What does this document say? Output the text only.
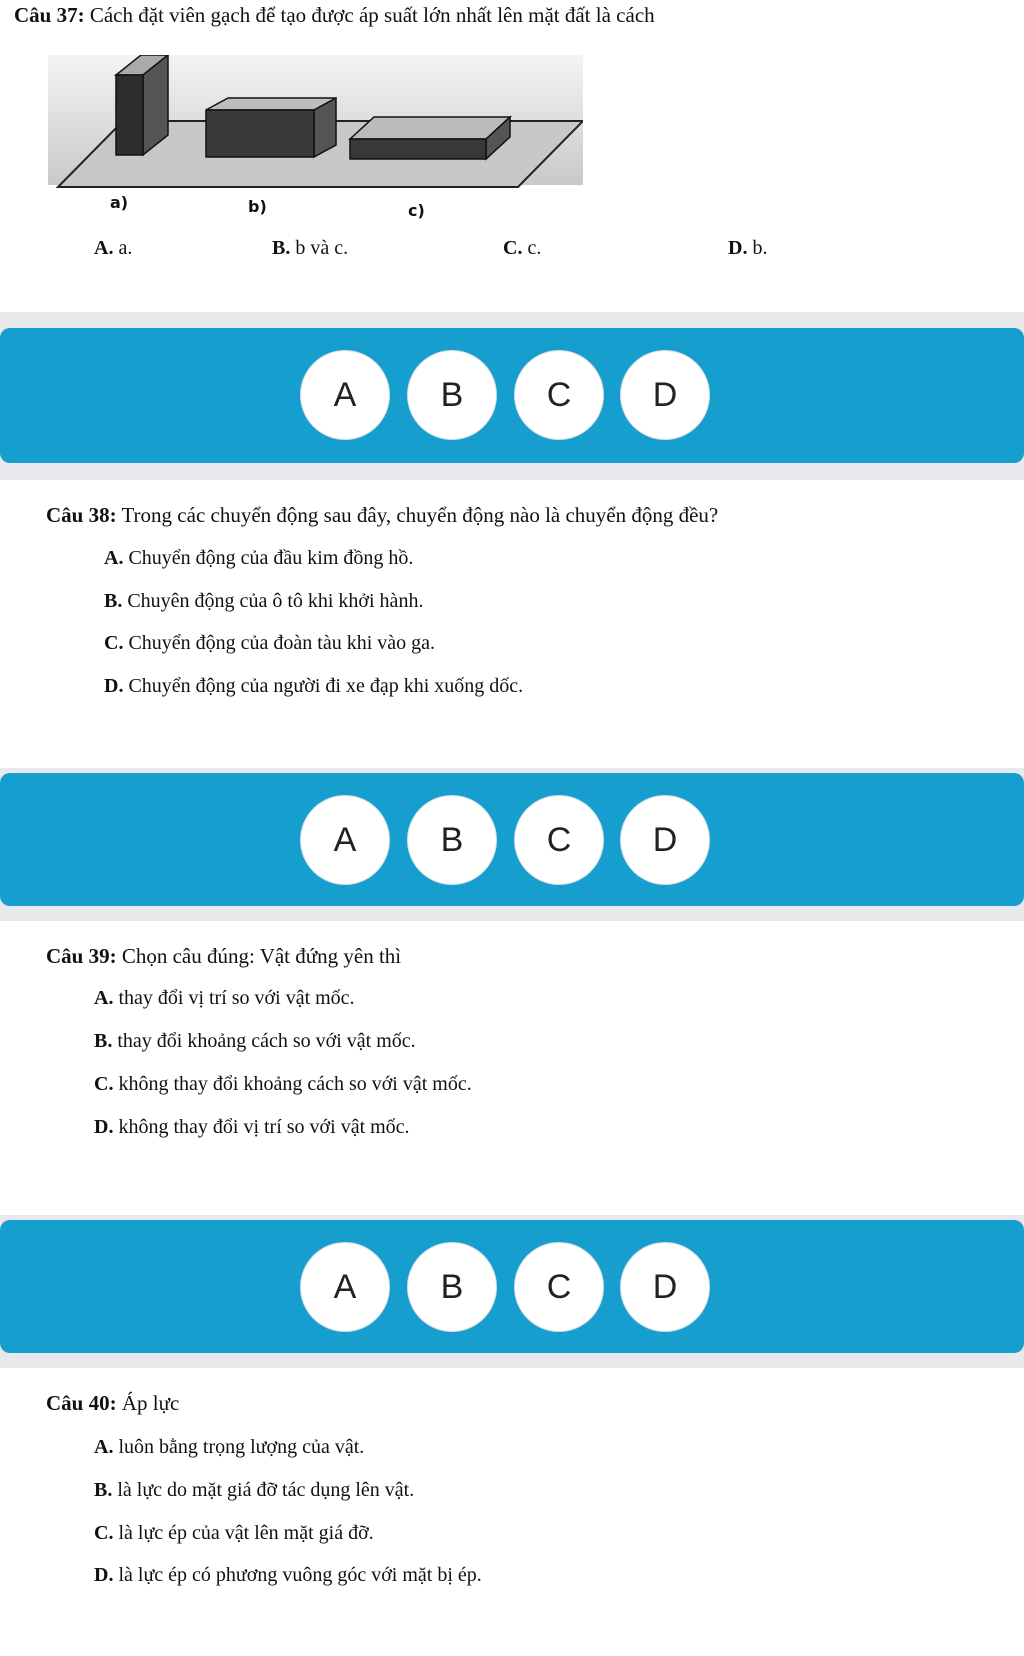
Câu 37: Cách đặt viên gạch để tạo được áp suất lớn nhất lên mặt đất là cách
a)	b)	c)
A. a.	B. b và c.	C. c.	D. b.
A	B	C	D
Câu 38: Trong các chuyển động sau đây, chuyển động nào là chuyển động đều?
A. Chuyển động của đầu kim đồng hồ.
B. Chuyên động của ô tô khi khởi hành.
C. Chuyển động của đoàn tàu khi vào ga.
D. Chuyển động của người đi xe đạp khi xuống dốc.
A	B	C	D
Câu 39: Chọn câu đúng: Vật đứng yên thì
A. thay đổi vị trí so với vật mốc.
B. thay đổi khoảng cách so với vật mốc.
C. không thay đổi khoảng cách so với vật mốc.
D. không thay đổi vị trí so với vật mốc.
A	B	C	D
Câu 40: Áp lực
A. luôn bằng trọng lượng của vật.
B. là lực do mặt giá đỡ tác dụng lên vật.
C. là lực ép của vật lên mặt giá đỡ.
D. là lực ép có phương vuông góc với mặt bị ép.
